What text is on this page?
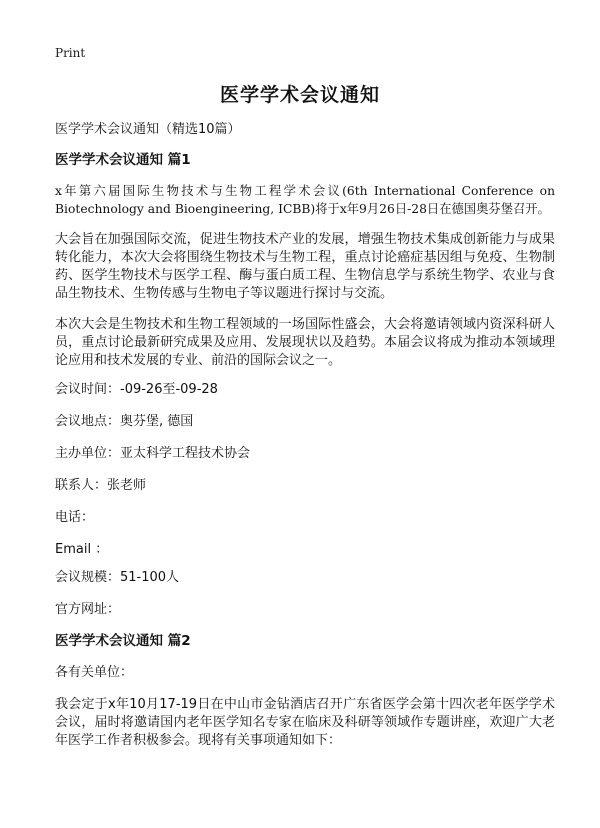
Print
医学学术会议通知

医学学术会议通知（精选10篇）

医学学术会议通知 篇1

x年第六届国际生物技术与生物工程学术会议(6th International Conference on Biotechnology and Bioengineering, ICBB)将于x年9月26日-28日在德国奥芬堡召开。

大会旨在加强国际交流，促进生物技术产业的发展，增强生物技术集成创新能力与成果转化能力，本次大会将围绕生物技术与生物工程，重点讨论癌症基因组与免疫、生物制药、医学生物技术与医学工程、酶与蛋白质工程、生物信息学与系统生物学、农业与食品生物技术、生物传感与生物电子等议题进行探讨与交流。

本次大会是生物技术和生物工程领域的一场国际性盛会，大会将邀请领域内资深科研人员，重点讨论最新研究成果及应用、发展现状以及趋势。本届会议将成为推动本领域理论应用和技术发展的专业、前沿的国际会议之一。

会议时间：-09-26至-09-28

会议地点：奥芬堡, 德国

主办单位：亚太科学工程技术协会

联系人：张老师

电话：

Email ：

会议规模：51-100人

官方网址：

医学学术会议通知 篇2

各有关单位：

我会定于x年10月17-19日在中山市金钻酒店召开广东省医学会第十四次老年医学学术会议，届时将邀请国内老年医学知名专家在临床及科研等领域作专题讲座，欢迎广大老年医学工作者积极参会。现将有关事项通知如下：
